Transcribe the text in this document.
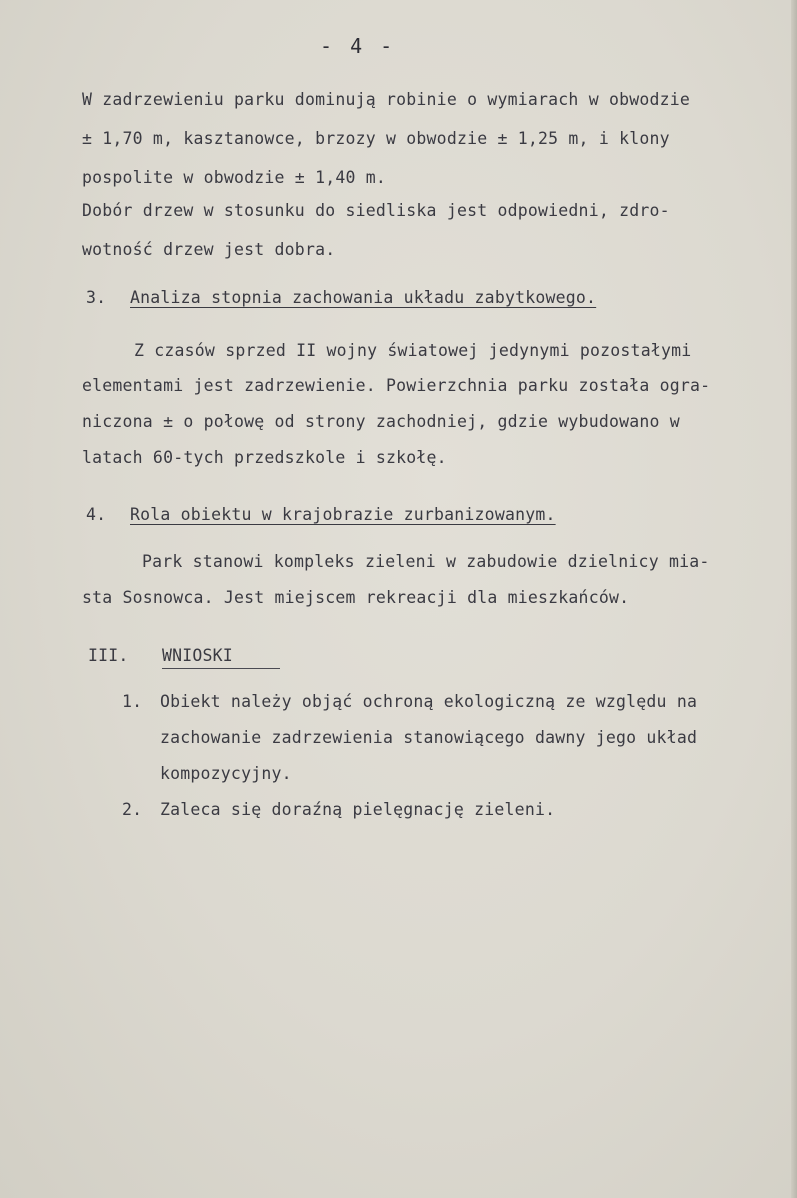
- 4 -
W zadrzewieniu parku dominują robinie o wymiarach w obwodzie
± 1,70 m, kasztanowce, brzozy w obwodzie ± 1,25 m, i klony
pospolite w obwodzie ± 1,40 m.
Dobór drzew w stosunku do siedliska jest odpowiedni, zdro-
wotność drzew jest dobra.
3. Analiza stopnia zachowania układu zabytkowego.
Z czasów sprzed II wojny światowej jedynymi pozostałymi
elementami jest zadrzewienie. Powierzchnia parku została ogra-
niczona ± o połowę od strony zachodniej, gdzie wybudowano w
latach 60-tych przedszkole i szkołę.
4. Rola obiektu w krajobrazie zurbanizowanym.
Park stanowi kompleks zieleni w zabudowie dzielnicy mia-
sta Sosnowca. Jest miejscem rekreacji dla mieszkańców.
III. WNIOSKI
1. Obiekt należy objąć ochroną ekologiczną ze względu na
zachowanie zadrzewienia stanowiącego dawny jego układ
kompozycyjny.
2. Zaleca się doraźną pielęgnację zieleni.
